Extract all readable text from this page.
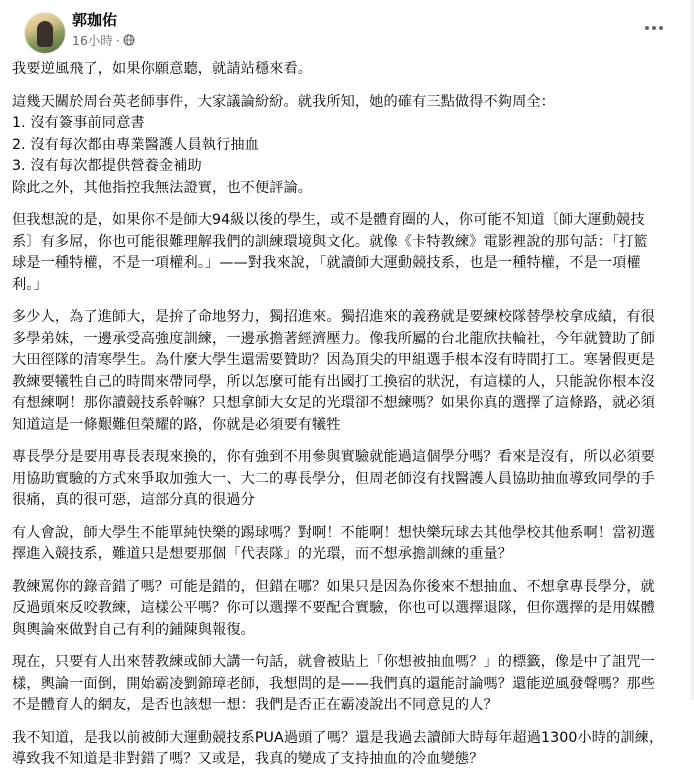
郭珈佑
16小時 ·

我要逆風飛了，如果你願意聽，就請站穩來看。

這幾天關於周台英老師事件，大家議論紛紛。就我所知，她的確有三點做得不夠周全：
1. 沒有簽事前同意書
2. 沒有每次都由專業醫護人員執行抽血
3. 沒有每次都提供營養金補助
除此之外，其他指控我無法證實，也不便評論。

但我想說的是，如果你不是師大94級以後的學生，或不是體育圈的人，你可能不知道〔師大運動競技
系〕有多屌，你也可能很難理解我們的訓練環境與文化。就像《卡特教練》電影裡說的那句話：「打籃
球是一種特權，不是一項權利。」——對我來說，「就讀師大運動競技系，也是一種特權，不是一項權
利。」

多少人，為了進師大，是拚了命地努力，獨招進來。獨招進來的義務就是要練校隊替學校拿成績，有很
多學弟妹，一邊承受高強度訓練，一邊承擔著經濟壓力。像我所屬的台北龍欣扶輪社，今年就贊助了師
大田徑隊的清寒學生。為什麼大學生還需要贊助？因為頂尖的甲組選手根本沒有時間打工。寒暑假更是
教練要犧牲自己的時間來帶同學，所以怎麼可能有出國打工換宿的狀況，有這樣的人，只能說你根本沒
有想練啊！那你讀競技系幹嘛？只想拿師大女足的光環卻不想練嗎？如果你真的選擇了這條路，就必須
知道這是一條艱難但榮耀的路，你就是必須要有犧牲

專長學分是要用專長表現來換的，你有強到不用參與實驗就能過這個學分嗎？看來是沒有，所以必須要
用協助實驗的方式來爭取加強大一、大二的專長學分，但周老師沒有找醫護人員協助抽血導致同學的手
很痛，真的很可惡，這部分真的很過分

有人會說，師大學生不能單純快樂的踢球嗎？對啊！不能啊！想快樂玩球去其他學校其他系啊！當初選
擇進入競技系，難道只是想要那個「代表隊」的光環，而不想承擔訓練的重量？

教練罵你的錄音錯了嗎？可能是錯的，但錯在哪？如果只是因為你後來不想抽血、不想拿專長學分，就
反過頭來反咬教練，這樣公平嗎？你可以選擇不要配合實驗，你也可以選擇退隊，但你選擇的是用媒體
與輿論來做對自己有利的鋪陳與報復。

現在，只要有人出來替教練或師大講一句話，就會被貼上「你想被抽血嗎？」的標籤，像是中了詛咒一
樣，輿論一面倒，開始霸凌劉錦璋老師，我想問的是——我們真的還能討論嗎？還能逆風發聲嗎？那些
不是體育人的網友，是否也該想一想：我們是否正在霸凌說出不同意見的人？

我不知道，是我以前被師大運動競技系PUA過頭了嗎？還是我過去讀師大時每年超過1300小時的訓練，
導致我不知道是非對錯了嗎？又或是，我真的變成了支持抽血的冷血變態？
